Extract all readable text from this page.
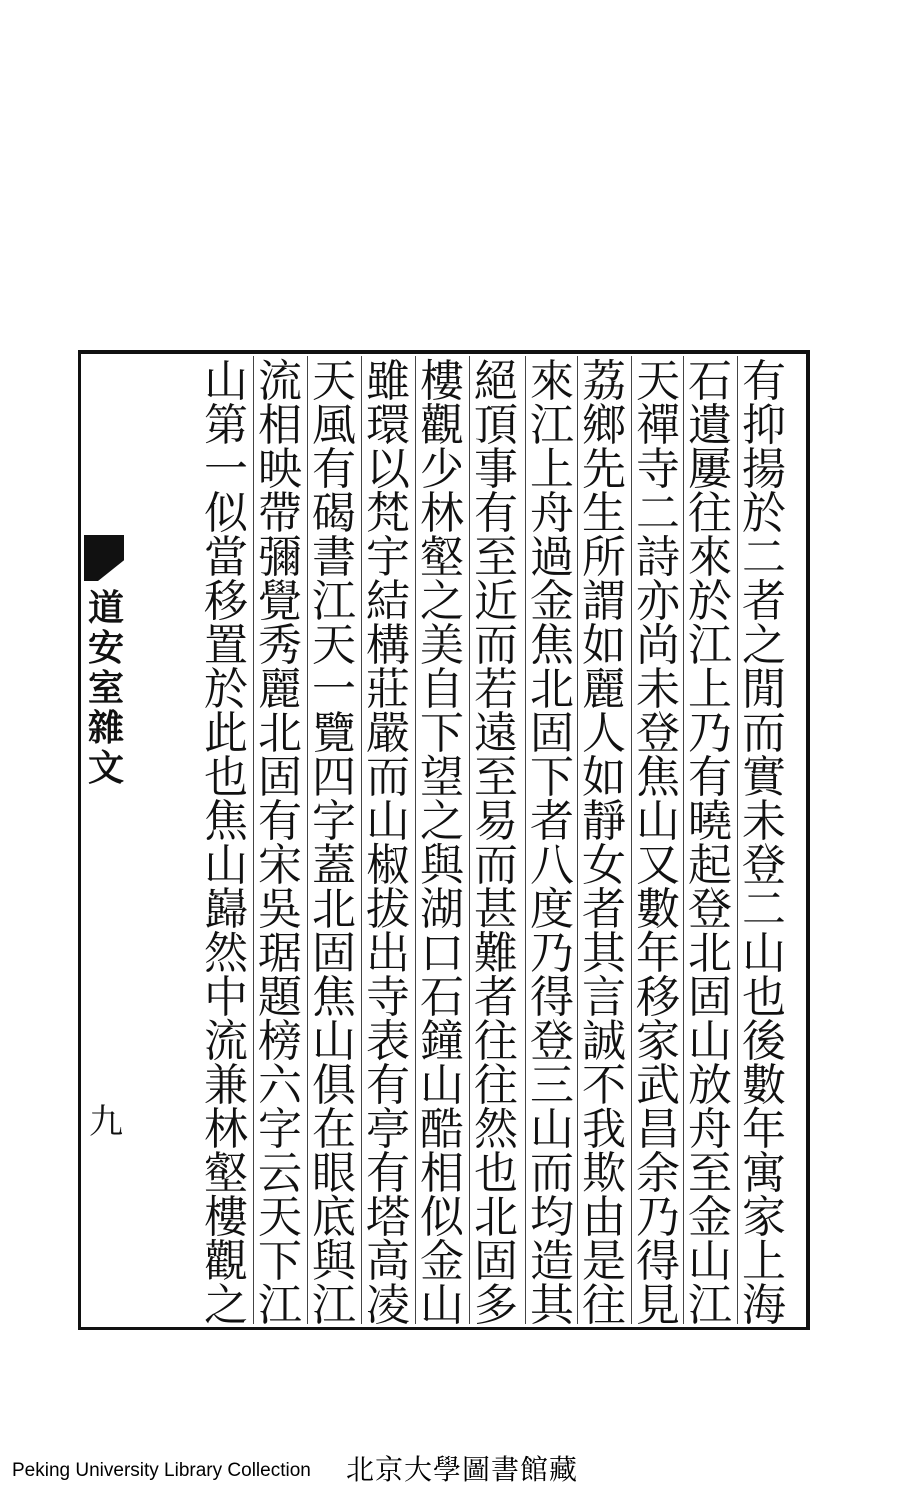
有
抑
揚
於
二
者
之
閒
而
實
未
登
二
山
也
後
數
年
寓
家
上
海
石
遺
屢
往
來
於
江
上
乃
有
曉
起
登
北
固
山
放
舟
至
金
山
江
天
禪
寺
二
詩
亦
尚
未
登
焦
山
又
數
年
移
家
武
昌
余
乃
得
見
荔
鄉
先
生
所
謂
如
麗
人
如
靜
女
者
其
言
誠
不
我
欺
由
是
往
來
江
上
舟
過
金
焦
北
固
下
者
八
度
乃
得
登
三
山
而
均
造
其
絕
頂
事
有
至
近
而
若
遠
至
易
而
甚
難
者
往
往
然
也
北
固
多
樓
觀
少
林
壑
之
美
自
下
望
之
與
湖
口
石
鐘
山
酷
相
似
金
山
雖
環
以
梵
宇
結
構
莊
嚴
而
山
椒
拔
出
寺
表
有
亭
有
塔
高
凌
天
風
有
碣
書
江
天
一
覽
四
字
蓋
北
固
焦
山
俱
在
眼
底
與
江
流
相
映
帶
彌
覺
秀
麗
北
固
有
宋
吳
琚
題
榜
六
字
云
天
下
江
山
第
一
似
當
移
置
於
此
也
焦
山
巋
然
中
流
兼
林
壑
樓
觀
之
道
安
室
雜
文
九
Peking University Library Collection 北京大學圖書館藏
